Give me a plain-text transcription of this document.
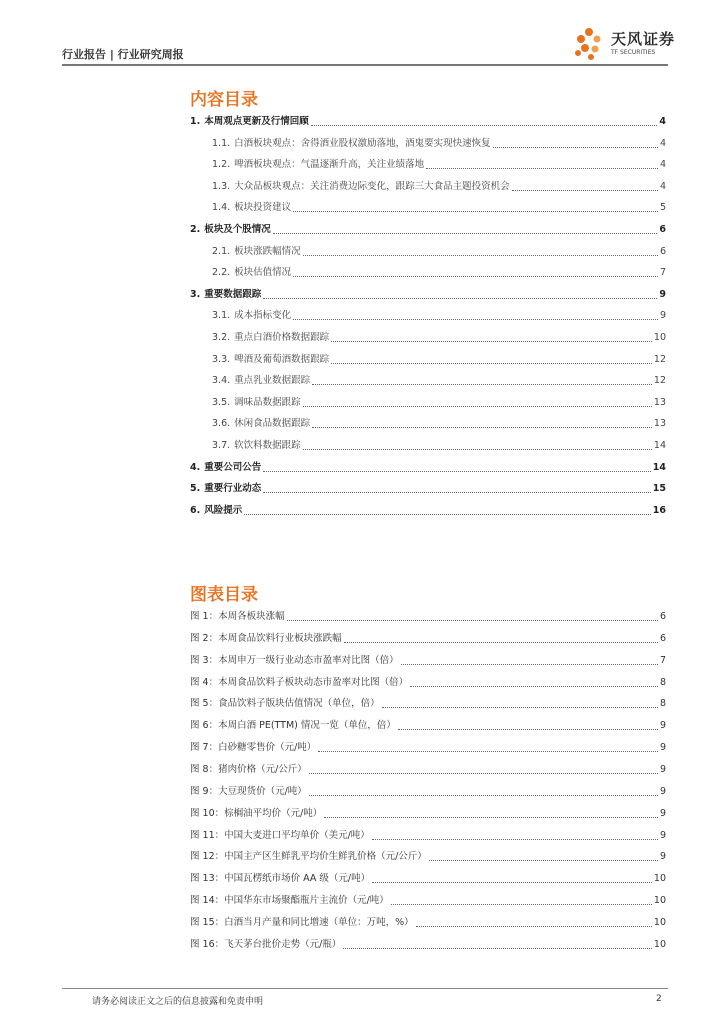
行业报告 | 行业研究周报
天风证券
TF SECURITIES
内容目录
1. 本周观点更新及行情回顾	4
1.1. 白酒板块观点：舍得酒业股权激励落地，酒鬼要实现快速恢复	4
1.2. 啤酒板块观点：气温逐渐升高，关注业绩落地	4
1.3. 大众品板块观点：关注消费边际变化，跟踪三大食品主题投资机会	4
1.4. 板块投资建议	5
2. 板块及个股情况	6
2.1. 板块涨跌幅情况	6
2.2. 板块估值情况	7
3. 重要数据跟踪	9
3.1. 成本指标变化	9
3.2. 重点白酒价格数据跟踪	10
3.3. 啤酒及葡萄酒数据跟踪	12
3.4. 重点乳业数据跟踪	12
3.5. 调味品数据跟踪	13
3.6. 休闲食品数据跟踪	13
3.7. 软饮料数据跟踪	14
4. 重要公司公告	14
5. 重要行业动态	15
6. 风险提示	16
图表目录
图 1：本周各板块涨幅	6
图 2：本周食品饮料行业板块涨跌幅	6
图 3：本周申万一级行业动态市盈率对比图（倍）	7
图 4：本周食品饮料子板块动态市盈率对比图（倍）	8
图 5：食品饮料子版块估值情况（单位，倍）	8
图 6：本周白酒 PE(TTM) 情况一览（单位，倍）	9
图 7：白砂糖零售价（元/吨）	9
图 8：猪肉价格（元/公斤）	9
图 9：大豆现货价（元/吨）	9
图 10：棕榈油平均价（元/吨）	9
图 11：中国大麦进口平均单价（美元/吨）	9
图 12：中国主产区生鲜乳平均价生鲜乳价格（元/公斤）	9
图 13：中国瓦楞纸市场价 AA 级（元/吨）	10
图 14：中国华东市场聚酯瓶片主流价（元/吨）	10
图 15：白酒当月产量和同比增速（单位：万吨，%）	10
图 16：飞天茅台批价走势（元/瓶）	10
请务必阅读正文之后的信息披露和免责申明	2
